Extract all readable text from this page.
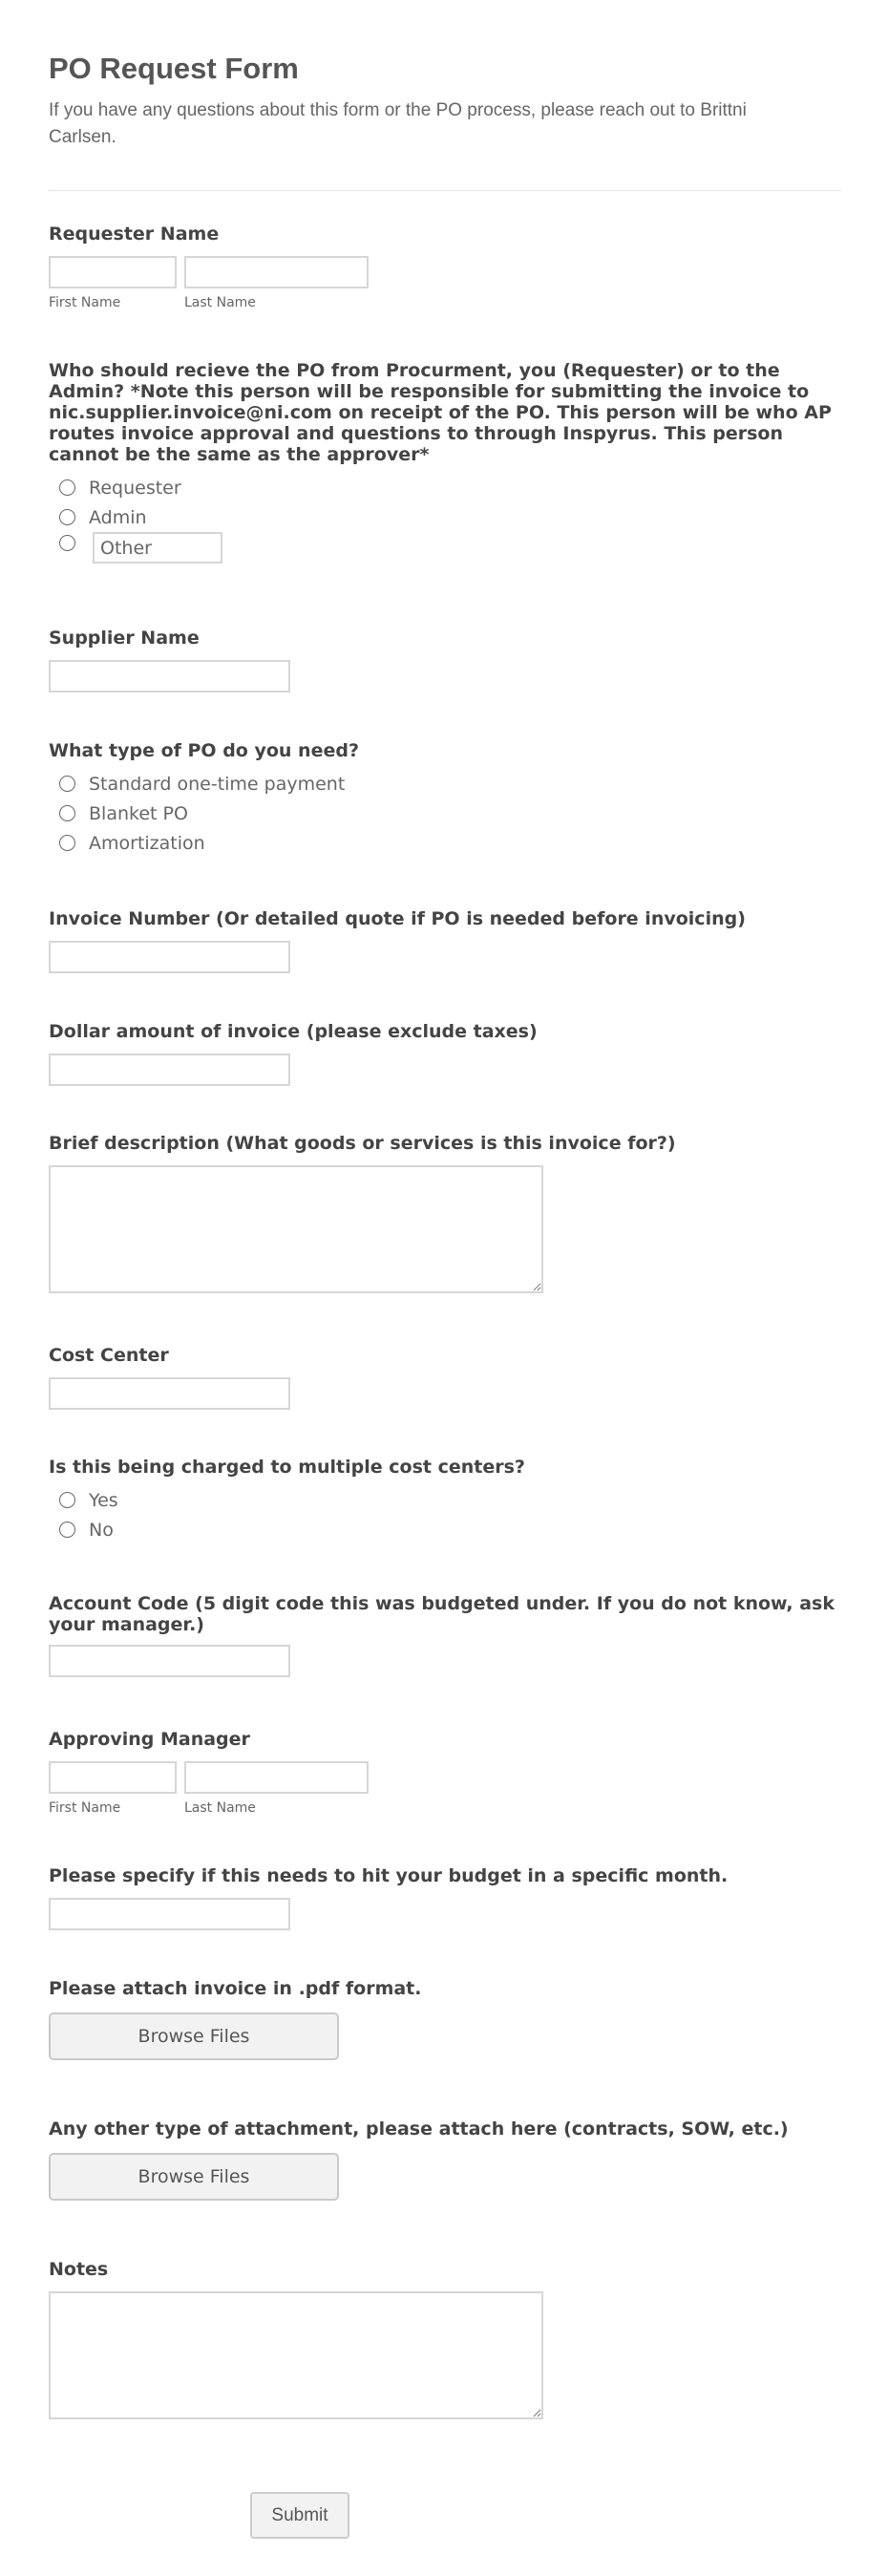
PO Request Form

If you have any questions about this form or the PO process, please reach out to Brittni Carlsen.

Requester Name

First Name	Last Name

Who should recieve the PO from Procurment, you (Requester) or to the Admin? *Note this person will be responsible for submitting the invoice to nic.supplier.invoice@ni.com on receipt of the PO. This person will be who AP routes invoice approval and questions to through Inspyrus. This person cannot be the same as the approver*

Requester
Admin
Other

Supplier Name

What type of PO do you need?

Standard one-time payment
Blanket PO
Amortization

Invoice Number (Or detailed quote if PO is needed before invoicing)

Dollar amount of invoice (please exclude taxes)

Brief description (What goods or services is this invoice for?)

Cost Center

Is this being charged to multiple cost centers?

Yes
No

Account Code (5 digit code this was budgeted under. If you do not know, ask your manager.)

Approving Manager

First Name	Last Name

Please specify if this needs to hit your budget in a specific month.

Please attach invoice in .pdf format.

Browse Files

Any other type of attachment, please attach here (contracts, SOW, etc.)

Browse Files

Notes

Submit
